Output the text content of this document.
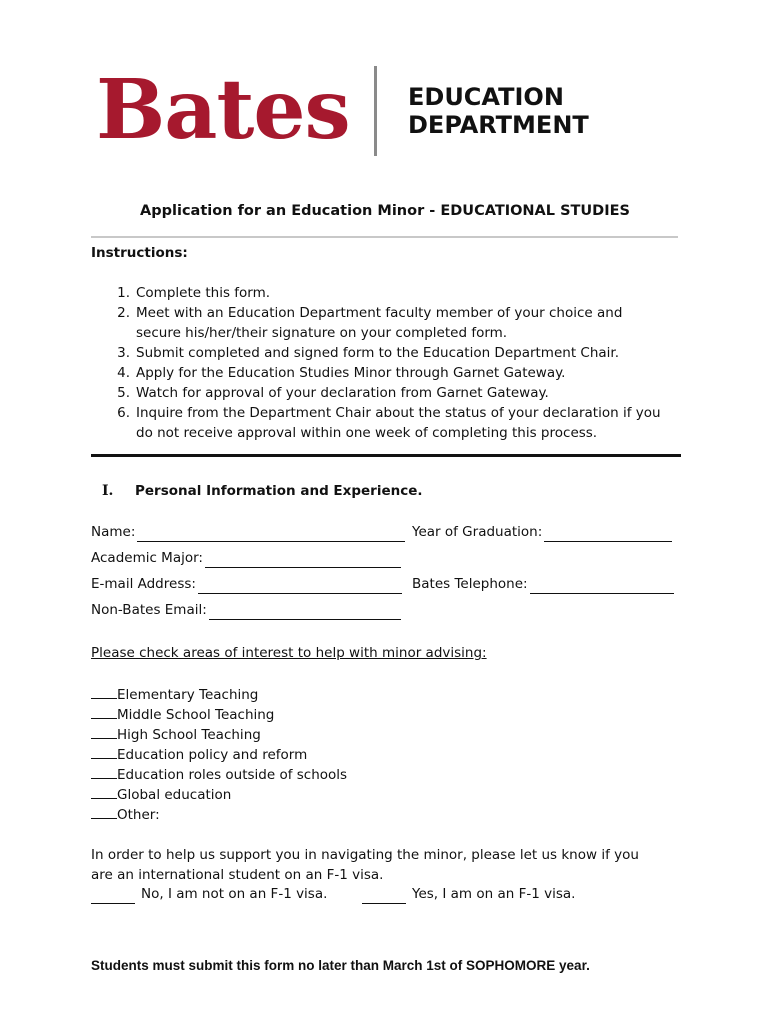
Bates EDUCATION
DEPARTMENT
Application for an Education Minor - EDUCATIONAL STUDIES
Instructions:
1. Complete this form.
2. Meet with an Education Department faculty member of your choice and
secure his/her/their signature on your completed form.
3. Submit completed and signed form to the Education Department Chair.
4. Apply for the Education Studies Minor through Garnet Gateway.
5. Watch for approval of your declaration from Garnet Gateway.
6. Inquire from the Department Chair about the status of your declaration if you
do not receive approval within one week of completing this process.
I. Personal Information and Experience.
Name:	Year of Graduation:
Academic Major:
E-mail Address:	Bates Telephone:
Non-Bates Email:
Please check areas of interest to help with minor advising:
Elementary Teaching
Middle School Teaching
High School Teaching
Education policy and reform
Education roles outside of schools
Global education
Other:
In order to help us support you in navigating the minor, please let us know if you
are an international student on an F-1 visa.
No, I am not on an F-1 visa.	Yes, I am on an F-1 visa.
Students must submit this form no later than March 1st of SOPHOMORE year.
